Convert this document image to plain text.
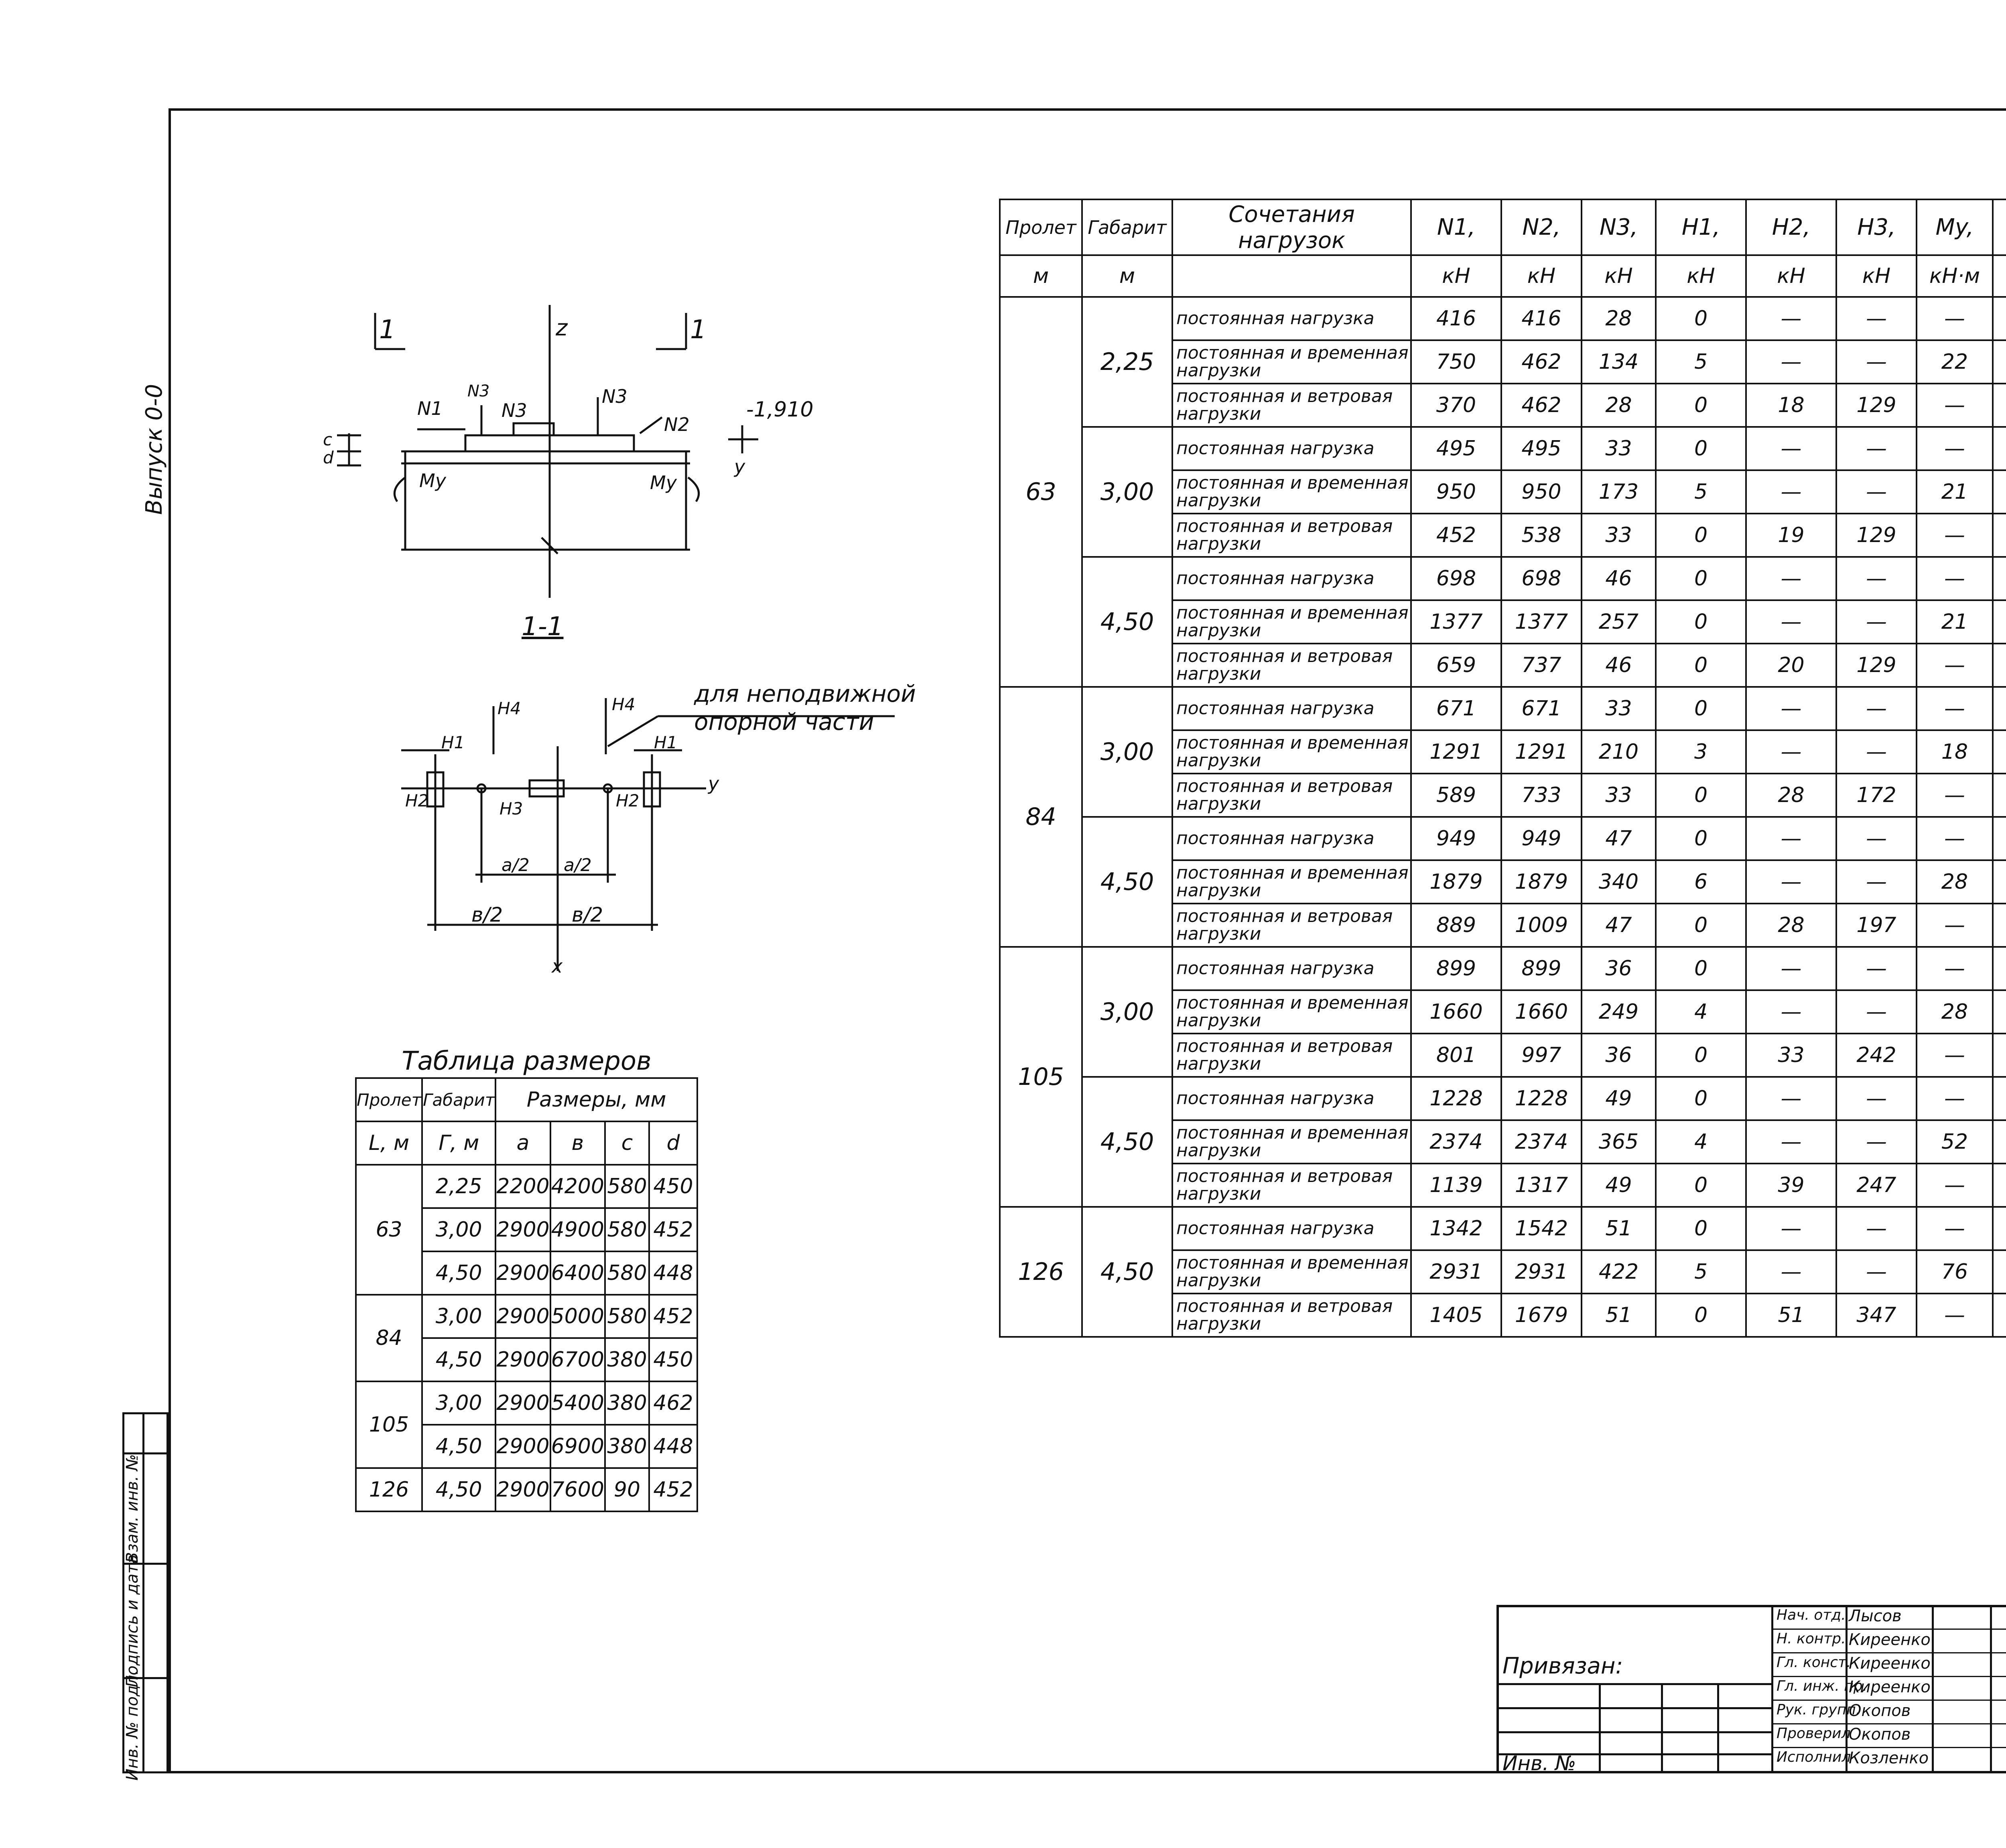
Инв. № подл.
Подпись и дата
Взам. инв. №
Выпуск 0-0
1	z	1
-1,910
N1
N3
N3
N3
N2
My	My
c
d	y
1-1
для неподвижной
опорной части
H4	H4
H1	H1
H2	H2
H3
y
x
a/2 a/2
в/2	в/2
Таблица размеров					
Пролет	Габарит	Размеры, мм			
L, м	Г, м	a	в	c	d
63	2,25	2200	4200	580	450
	3,00	2900	4900	580	452
	4,50	2900	6400	580	448
84	3,00	2900	5000	580	452
	4,50	2900	6700	380	450
105	3,00	2900	5400	380	462
	4,50	2900	6900	380	448
126	4,50	2900	7600	90	452
Пролет	Габарит	Сочетания нагрузок	N1,	N2,	N3,	H1,	H2,	H3,	My,	
м	м		кН	кН	кН	кН	кН	кН	кН·м	
63	2,25	постоянная нагрузка	416	416	28	0	—	—	—	
		постоянная и временная нагрузки	750	462	134	5	—	—	22	
		постоянная и ветровая нагрузки	370	462	28	0	18	129	—	
	3,00	постоянная нагрузка	495	495	33	0	—	—	—	
		постоянная и временная нагрузки	950	950	173	5	—	—	21	
		постоянная и ветровая нагрузки	452	538	33	0	19	129	—	
	4,50	постоянная нагрузка	698	698	46	0	—	—	—	
		постоянная и временная нагрузки	1377	1377	257	0	—	—	21	
		постоянная и ветровая нагрузки	659	737	46	0	20	129	—	
84	3,00	постоянная нагрузка	671	671	33	0	—	—	—	
		постоянная и временная нагрузки	1291	1291	210	3	—	—	18	
		постоянная и ветровая нагрузки	589	733	33	0	28	172	—	
	4,50	постоянная нагрузка	949	949	47	0	—	—	—	
		постоянная и временная нагрузки	1879	1879	340	6	—	—	28	
		постоянная и ветровая нагрузки	889	1009	47	0	28	197	—	
105	3,00	постоянная нагрузка	899	899	36	0	—	—	—	
		постоянная и временная нагрузки	1660	1660	249	4	—	—	28	
		постоянная и ветровая нагрузки	801	997	36	0	33	242	—	
	4,50	постоянная нагрузка	1228	1228	49	0	—	—	—	
		постоянная и временная нагрузки	2374	2374	365	4	—	—	52	
		постоянная и ветровая нагрузки	1139	1317	49	0	39	247	—	
126	4,50	постоянная нагрузка	1342	1542	51	0	—	—	—	
		постоянная и временная нагрузки	2931	2931	422	5	—	—	76	
		постоянная и ветровая нагрузки	1405	1679	51	0	51	347	—	
Привязан:
Инв. №
Нач. отд. Лысов
Н. контр. Киреенко
Гл. конст.
Киреенко
Гл. инж. пр.
Киреенко
Рук. групп.
Окопов
Проверил
Окопов
Исполнил
Козленко
